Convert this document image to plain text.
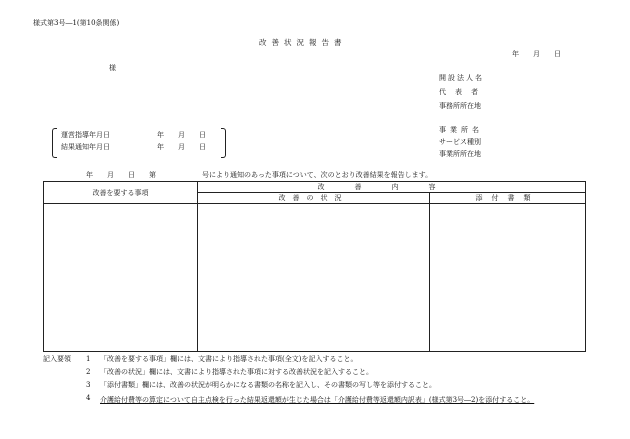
様式第3号―1(第10条関係)
改善状況報告書
年　　月　　日
様
開設法人名
代表者
事務所所在地
運営指導年月日	年　　月　　日
結果通知年月日	年　　月　　日
事業所名
サービス種別
事業所所在地
年　　月　　日　　第	号により通知のあった事項について、次のとおり改善結果を報告します。
改善を要する事項	改善内容	
	改善の状況	添付書類

記入要領 1 「改善を要する事項」欄には、文書により指導された事項(全文)を記入すること。
2 「改善の状況」欄には、文書により指導された事項に対する改善状況を記入すること。
3 「添付書類」欄には、改善の状況が明らかになる書類の名称を記入し、その書類の写し等を添付すること。
4 介護給付費等の算定について自主点検を行った結果返還額が生じた場合は「介護給付費等返還額内訳表」(様式第3号―2)を添付すること。
